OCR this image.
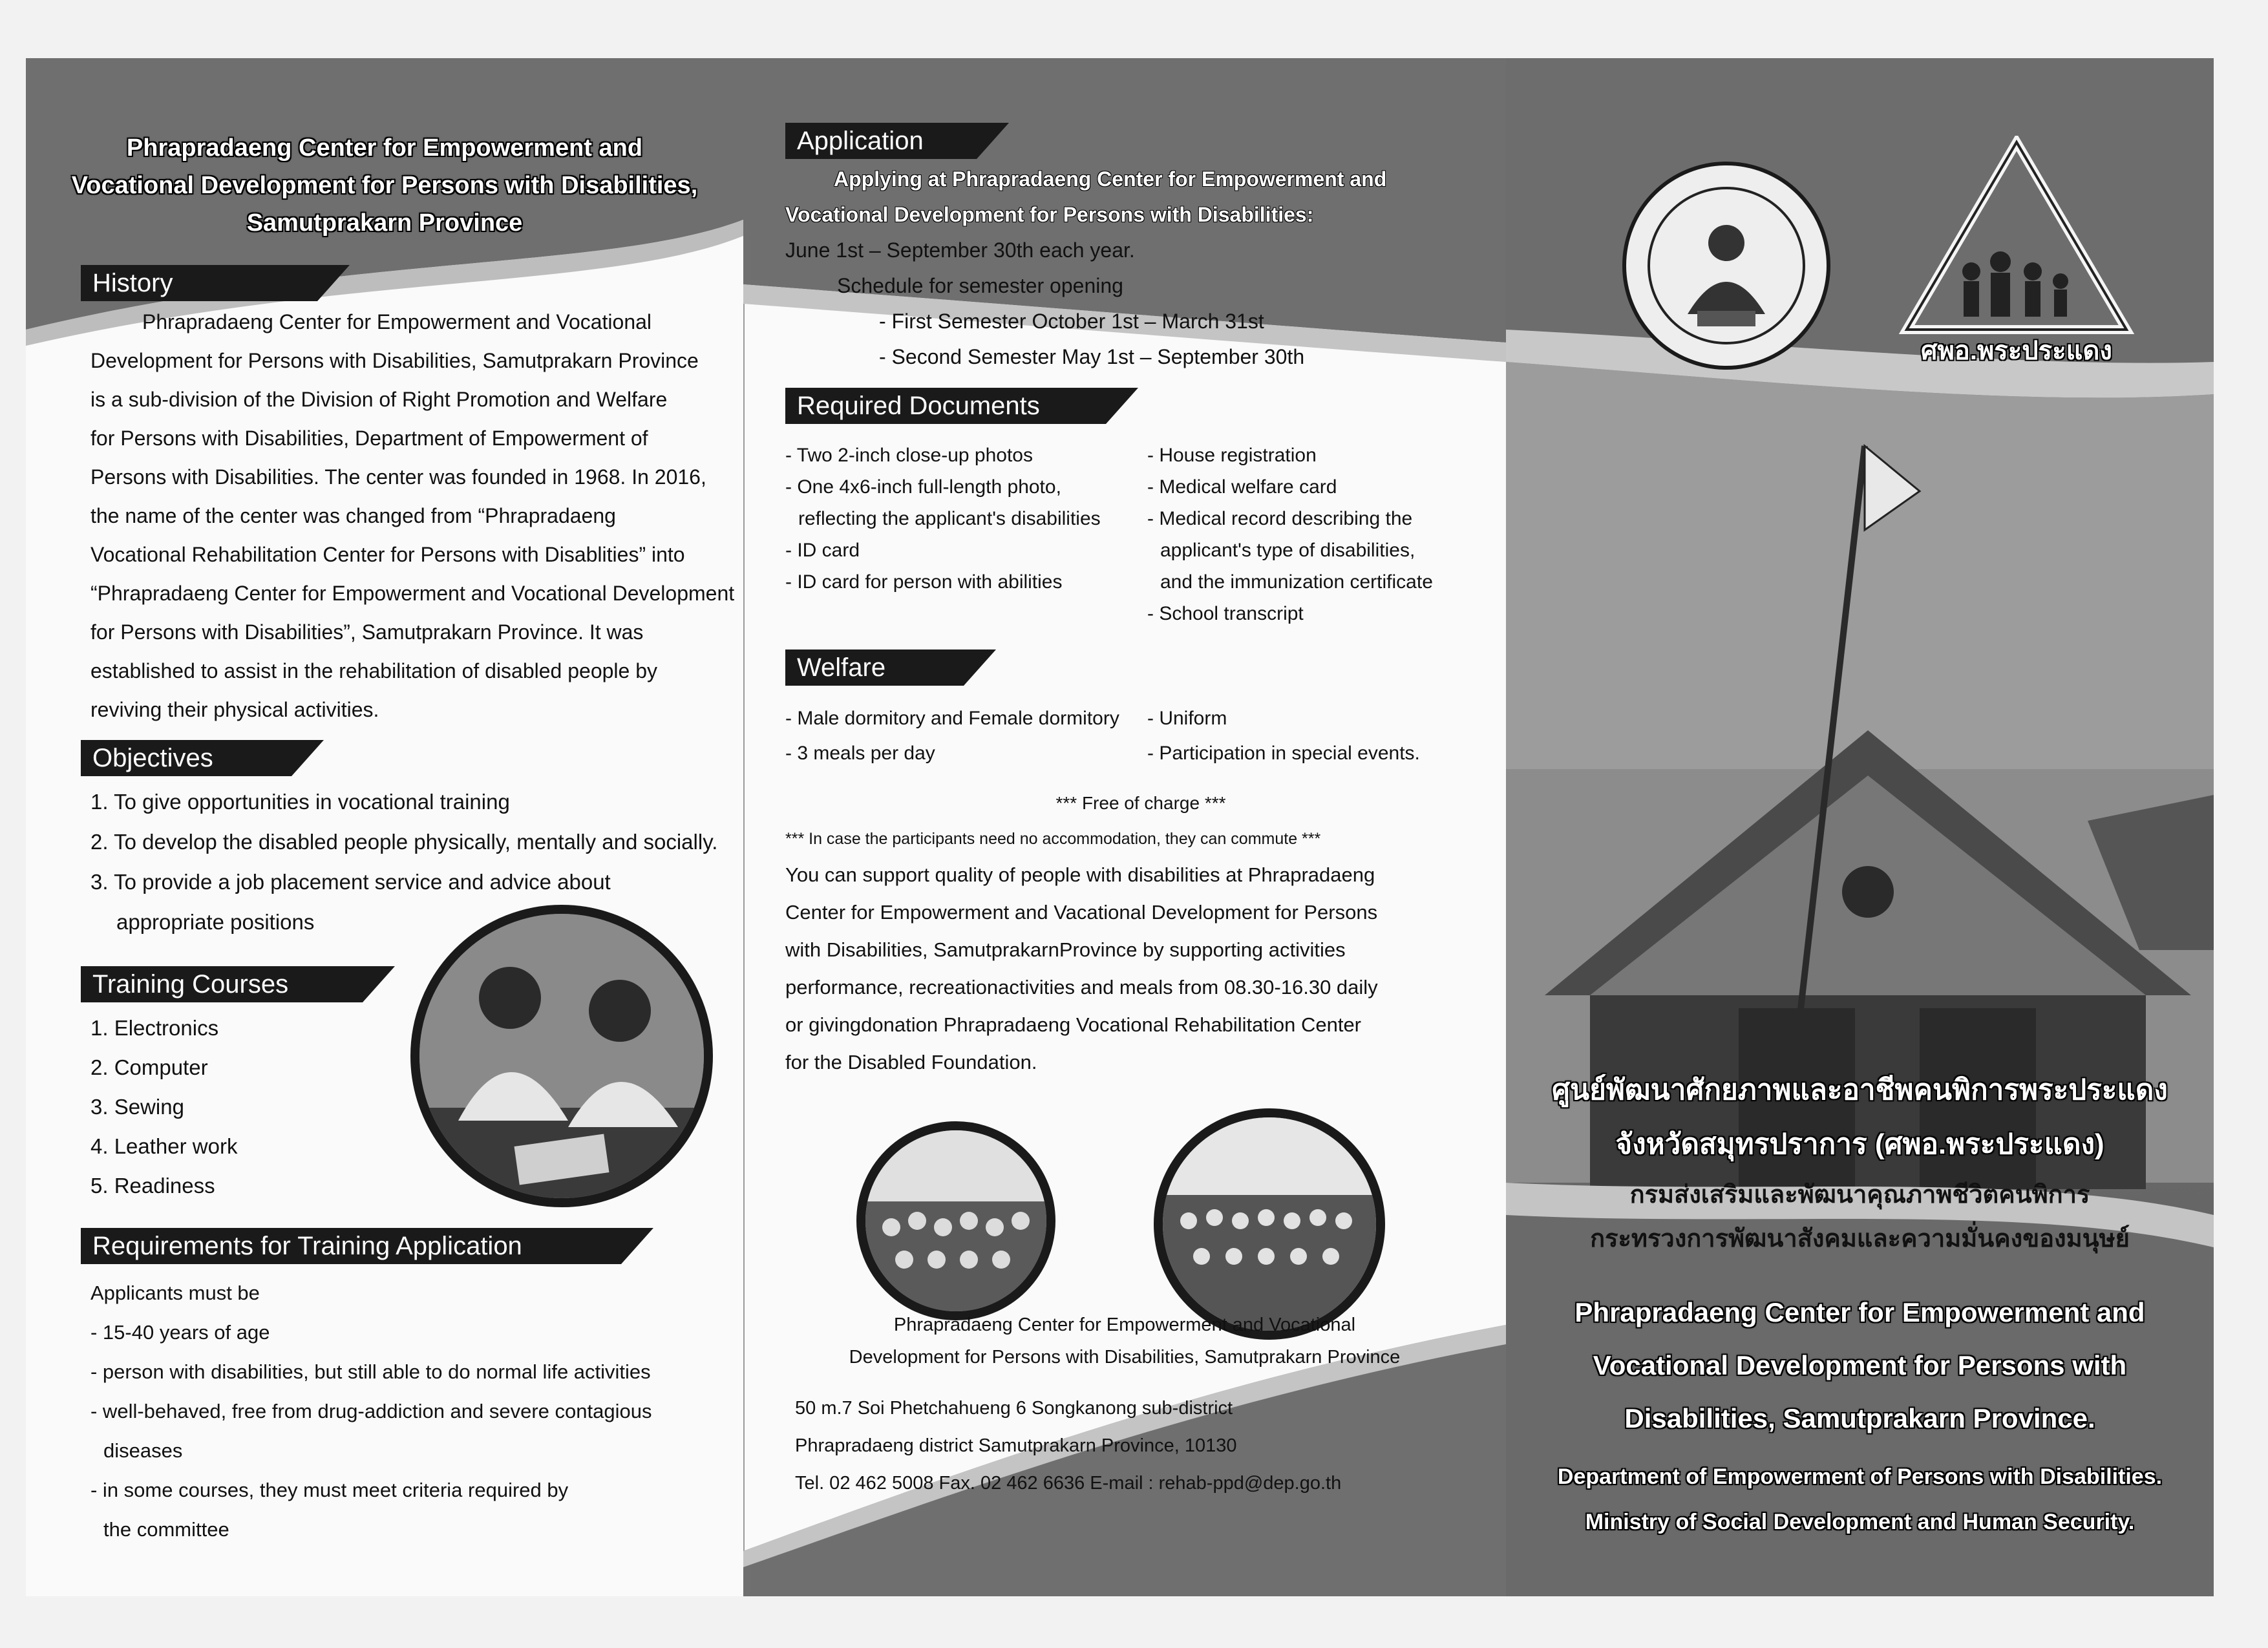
Phrapradaeng Center for Empowerment and
Vocational Development for Persons with Disabilities,
Samutprakarn Province
History
Phrapradaeng Center for Empowerment and Vocational
Development for Persons with Disabilities, Samutprakarn Province
is a sub-division of the Division of Right Promotion and Welfare
for Persons with Disabilities, Department of Empowerment of
Persons with Disabilities. The center was founded in 1968. In 2016,
the name of the center was changed from “Phrapradaeng
Vocational Rehabilitation Center for Persons with Disablities” into
“Phrapradaeng Center for Empowerment and Vocational Development
for Persons with Disabilities”, Samutprakarn Province. It was
established to assist in the rehabilitation of disabled people by
reviving their physical activities.
Objectives
1. To give opportunities in vocational training
2. To develop the disabled people physically, mentally and socially.
3. To provide a job placement service and advice about
appropriate positions
Training Courses
1. Electronics
2. Computer
3. Sewing
4. Leather work
5. Readiness
Requirements for Training Application
Applicants must be
- 15-40 years of age
- person with disabilities, but still able to do normal life activities
- well-behaved, free from drug-addiction and severe contagious
diseases
- in some courses, they must meet criteria required by
the committee
Application
Applying at Phrapradaeng Center for Empowerment and
Vocational Development for Persons with Disabilities:
June 1st – September 30th each year.
Schedule for semester opening
- First Semester October 1st – March 31st
- Second Semester May 1st – September 30th
Required Documents
- Two 2-inch close-up photos
- One 4x6-inch full-length photo,
reflecting the applicant's disabilities
- ID card
- ID card for person with abilities
- House registration
- Medical welfare card
- Medical record describing the
applicant's type of disabilities,
and the immunization certificate
- School transcript
Welfare
- Male dormitory and Female dormitory
- 3 meals per day
- Uniform
- Participation in special events.
*** Free of charge ***
*** In case the participants need no accommodation, they can commute ***
You can support quality of people with disabilities at Phrapradaeng
Center for Empowerment and Vacational Development for Persons
with Disabilities, SamutprakarnProvince by supporting activities
performance, recreationactivities and meals from 08.30-16.30 daily
or givingdonation Phrapradaeng Vocational Rehabilitation Center
for the Disabled Foundation.
Phrapradaeng Center for Empowerment and Vocational
Development for Persons with Disabilities, Samutprakarn Province
50 m.7 Soi Phetchahueng 6 Songkanong sub-district
Phrapradaeng district Samutprakarn Province, 10130
Tel. 02 462 5008 Fax. 02 462 6636 E-mail : rehab-ppd@dep.go.th
ศพอ.พระประแดง
ศูนย์พัฒนาศักยภาพและอาชีพคนพิการพระประแดง
จังหวัดสมุทรปราการ (ศพอ.พระประแดง)
กรมส่งเสริมและพัฒนาคุณภาพชีวิตคนพิการ
กระทรวงการพัฒนาสังคมและความมั่นคงของมนุษย์
Phrapradaeng Center for Empowerment and
Vocational Development for Persons with
Disabilities, Samutprakarn Province.
Department of Empowerment of Persons with Disabilities.
Ministry of Social Development and Human Security.
